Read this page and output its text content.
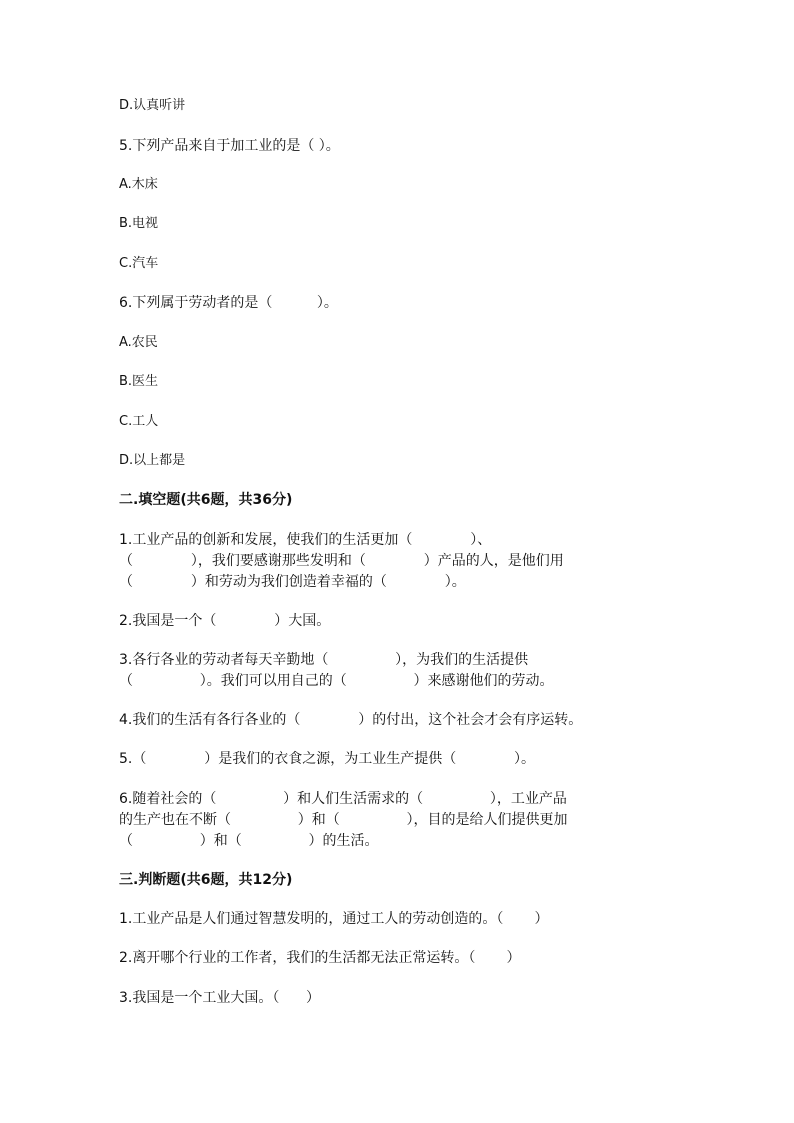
D.认真听讲
5.下列产品来自于加工业的是（ ）。
A.木床
B.电视
C.汽车
6.下列属于劳动者的是（          ）。
A.农民
B.医生
C.工人
D.以上都是
二.填空题(共6题，共36分)
1.工业产品的创新和发展，使我们的生活更加（             ）、
（             ），我们要感谢那些发明和（             ）产品的人，是他们用
（             ）和劳动为我们创造着幸福的（             ）。
2.我国是一个（             ）大国。
3.各行各业的劳动者每天辛勤地（               ），为我们的生活提供
（               ）。我们可以用自己的（               ）来感谢他们的劳动。
4.我们的生活有各行各业的（             ）的付出，这个社会才会有序运转。
5.（             ）是我们的衣食之源，为工业生产提供（             ）。
6.随着社会的（               ）和人们生活需求的（               ），工业产品
的生产也在不断（               ）和（               ），目的是给人们提供更加
（               ）和（               ）的生活。
三.判断题(共6题，共12分)
1.工业产品是人们通过智慧发明的，通过工人的劳动创造的。（       ）
2.离开哪个行业的工作者，我们的生活都无法正常运转。（       ）
3.我国是一个工业大国。（      ）
